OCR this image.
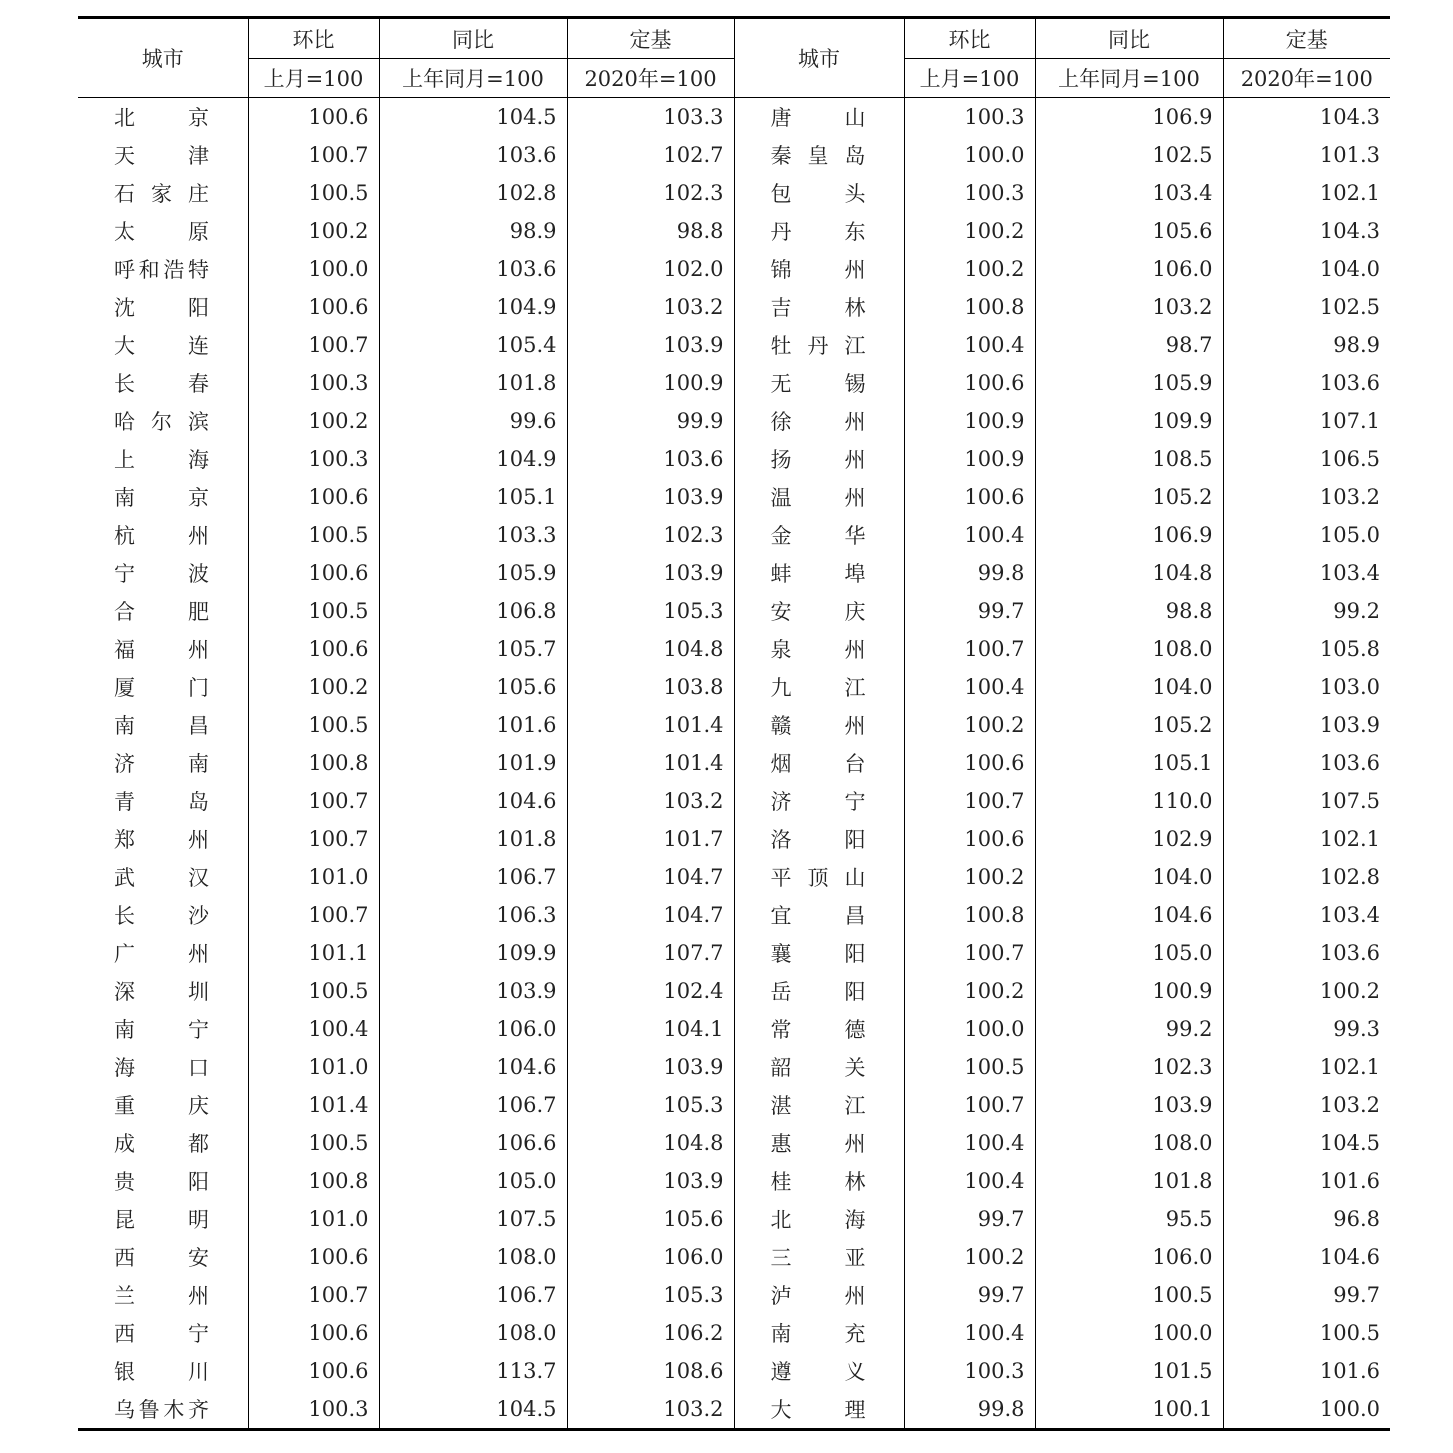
城市	环比	同比	定基	城市	环比	同比	定基
	上月=100	上年同月=100	2020年=100		上月=100	上年同月=100	2020年=100
北　　京	100.6	104.5	103.3	唐　　山	100.3	106.9	104.3
天　　津	100.7	103.6	102.7	秦 皇 岛	100.0	102.5	101.3
石 家 庄	100.5	102.8	102.3	包　　头	100.3	103.4	102.1
太　　原	100.2	98.9	98.8	丹　　东	100.2	105.6	104.3
呼和浩特	100.0	103.6	102.0	锦　　州	100.2	106.0	104.0
沈　　阳	100.6	104.9	103.2	吉　　林	100.8	103.2	102.5
大　　连	100.7	105.4	103.9	牡 丹 江	100.4	98.7	98.9
长　　春	100.3	101.8	100.9	无　　锡	100.6	105.9	103.6
哈 尔 滨	100.2	99.6	99.9	徐　　州	100.9	109.9	107.1
上　　海	100.3	104.9	103.6	扬　　州	100.9	108.5	106.5
南　　京	100.6	105.1	103.9	温　　州	100.6	105.2	103.2
杭　　州	100.5	103.3	102.3	金　　华	100.4	106.9	105.0
宁　　波	100.6	105.9	103.9	蚌　　埠	99.8	104.8	103.4
合　　肥	100.5	106.8	105.3	安　　庆	99.7	98.8	99.2
福　　州	100.6	105.7	104.8	泉　　州	100.7	108.0	105.8
厦　　门	100.2	105.6	103.8	九　　江	100.4	104.0	103.0
南　　昌	100.5	101.6	101.4	赣　　州	100.2	105.2	103.9
济　　南	100.8	101.9	101.4	烟　　台	100.6	105.1	103.6
青　　岛	100.7	104.6	103.2	济　　宁	100.7	110.0	107.5
郑　　州	100.7	101.8	101.7	洛　　阳	100.6	102.9	102.1
武　　汉	101.0	106.7	104.7	平 顶 山	100.2	104.0	102.8
长　　沙	100.7	106.3	104.7	宜　　昌	100.8	104.6	103.4
广　　州	101.1	109.9	107.7	襄　　阳	100.7	105.0	103.6
深　　圳	100.5	103.9	102.4	岳　　阳	100.2	100.9	100.2
南　　宁	100.4	106.0	104.1	常　　德	100.0	99.2	99.3
海　　口	101.0	104.6	103.9	韶　　关	100.5	102.3	102.1
重　　庆	101.4	106.7	105.3	湛　　江	100.7	103.9	103.2
成　　都	100.5	106.6	104.8	惠　　州	100.4	108.0	104.5
贵　　阳	100.8	105.0	103.9	桂　　林	100.4	101.8	101.6
昆　　明	101.0	107.5	105.6	北　　海	99.7	95.5	96.8
西　　安	100.6	108.0	106.0	三　　亚	100.2	106.0	104.6
兰　　州	100.7	106.7	105.3	泸　　州	99.7	100.5	99.7
西　　宁	100.6	108.0	106.2	南　　充	100.4	100.0	100.5
银　　川	100.6	113.7	108.6	遵　　义	100.3	101.5	101.6
乌鲁木齐	100.3	104.5	103.2	大　　理	99.8	100.1	100.0
